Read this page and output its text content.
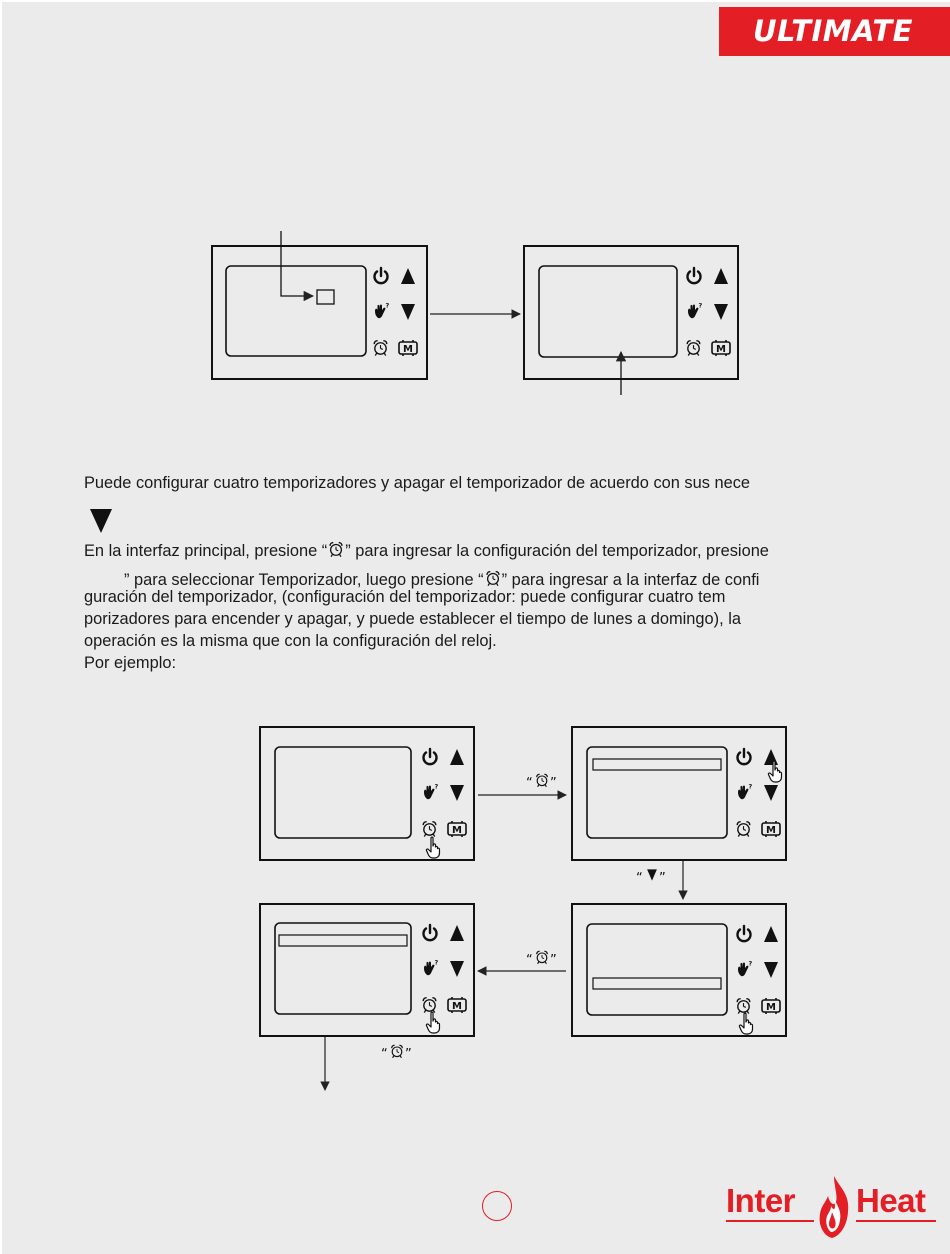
ULTIMATE
“ ”
“ ”
“ ”
“ ”
Puede configurar cuatro temporizadores y apagar el temporizador de acuerdo con sus nece
En la interfaz principal, presione “ ” para ingresar la configuración del temporizador, presione
” para seleccionar Temporizador, luego presione “ ” para ingresar a la interfaz de confi
guración del temporizador, (configuración del temporizador: puede configurar cuatro tem
porizadores para encender y apagar, y puede establecer el tiempo de lunes a domingo), la
operación es la misma que con la configuración del reloj.
Por ejemplo:
Inter Heat
